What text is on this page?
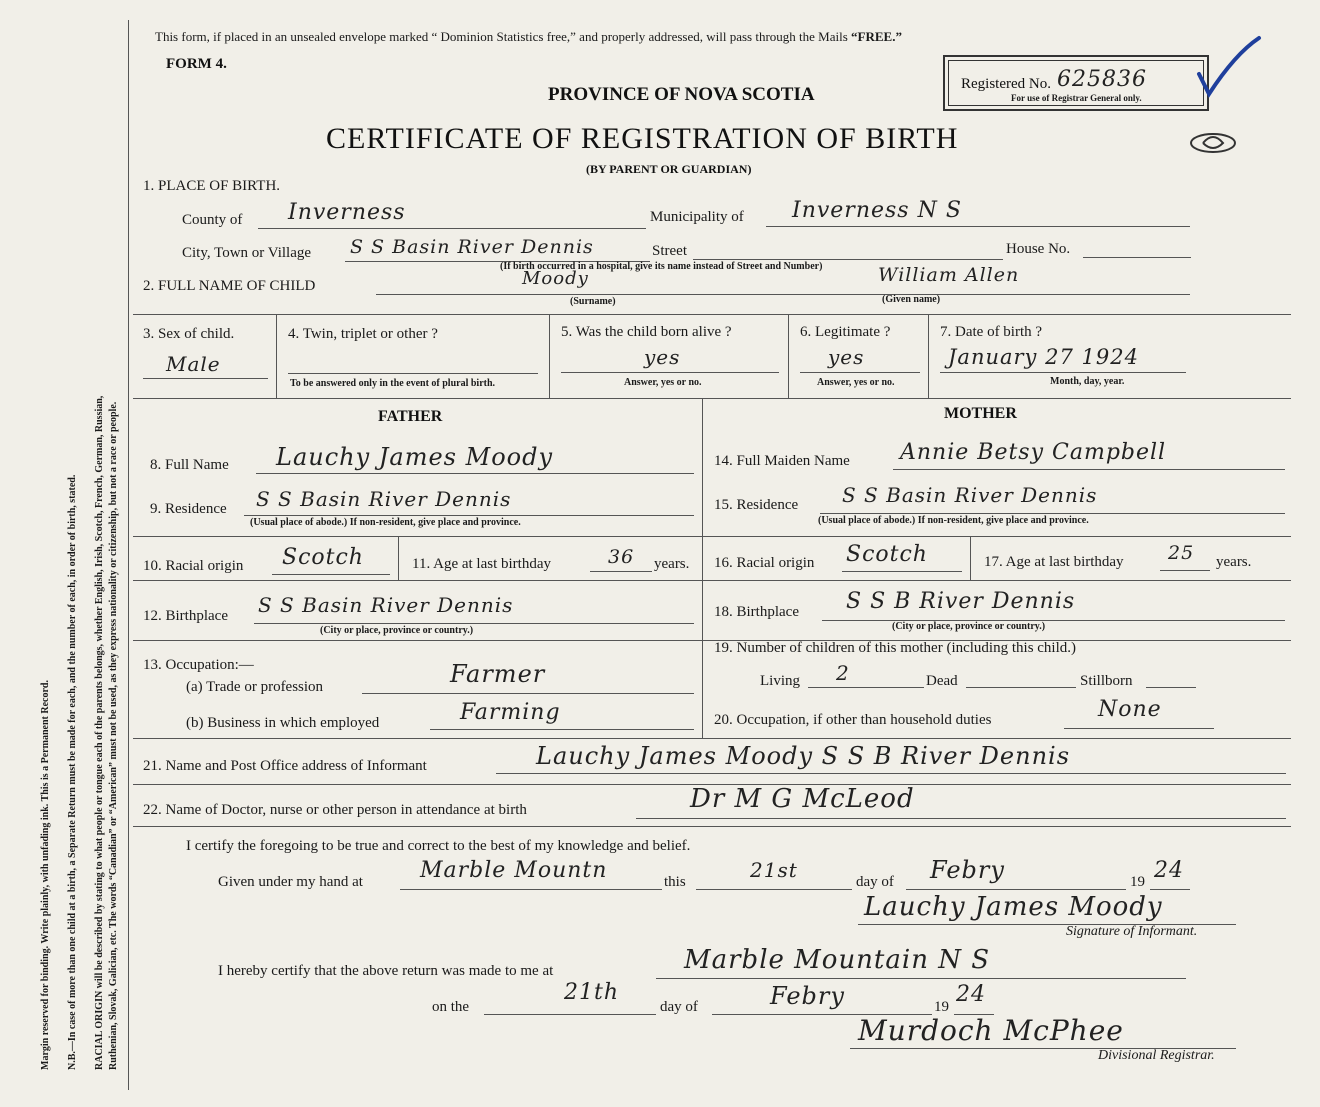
Margin reserved for binding. Write plainly, with unfading ink. This is a Permanent Record. N.B.—In case of more than one child at a birth, a Separate Return must be made for each, and the number of each, in order of birth, stated. RACIAL ORIGIN will be described by stating to what people or tongue each of the parents belongs, whether English, Irish, Scotch, French, German, Russian, Ruthenian, Slovak, Galician, etc. The words “Canadian” or “American” must not be used, as they express nationality or citizenship, but not a race or people.
This form, if placed in an unsealed envelope marked “ Dominion Statistics free,” and properly addressed, will pass through the Mails “FREE.”
FORM 4.
PROVINCE OF NOVA SCOTIA
CERTIFICATE OF REGISTRATION OF BIRTH
(BY PARENT OR GUARDIAN)
Registered No. 625836
For use of Registrar General only.
1. PLACE OF BIRTH.
County of Inverness	Municipality of Inverness N S
City, Town or Village S S Basin River Dennis	Street	House No.
(If birth occurred in a hospital, give its name instead of Street and Number)
2. FULL NAME OF CHILD	Moody
(Surname)
William Allen
(Given name)
3. Sex of child.
Male
4. Twin, triplet or other ?
To be answered only in the event of plural birth.
5. Was the child born alive ?
yes
Answer, yes or no.
6. Legitimate ?
yes
Answer, yes or no.
7. Date of birth ?
January 27 1924
Month, day, year.
FATHER	MOTHER
8. Full Name Lauchy James Moody
9. Residence S S Basin River Dennis
(Usual place of abode.) If non-resident, give place and province.
10. Racial origin Scotch	11. Age at last birthday	36 years.
12. Birthplace S S Basin River Dennis
(City or place, province or country.)
13. Occupation:—
(a) Trade or profession	Farmer
(b) Business in which employed	Farming
14. Full Maiden Name Annie Betsy Campbell
15. Residence S S Basin River Dennis
(Usual place of abode.) If non-resident, give place and province.
16. Racial origin Scotch	17. Age at last birthday 25 years.
18. Birthplace S S B River Dennis
(City or place, province or country.)
19. Number of children of this mother (including this child.)
Living 2	Dead	Stillborn
20. Occupation, if other than household duties	None
21. Name and Post Office address of Informant	Lauchy James Moody S S B River Dennis
22. Name of Doctor, nurse or other person in attendance at birth	Dr M G McLeod
I certify the foregoing to be true and correct to the best of my knowledge and belief.
Given under my hand at	Marble Mountn	this	21st	day of Febry	19 24
Lauchy James Moody
Signature of Informant.
I hereby certify that the above return was made to me at	Marble Mountain N S
on the
21th
day of	Febry	19 24
Murdoch McPhee
Divisional Registrar.
